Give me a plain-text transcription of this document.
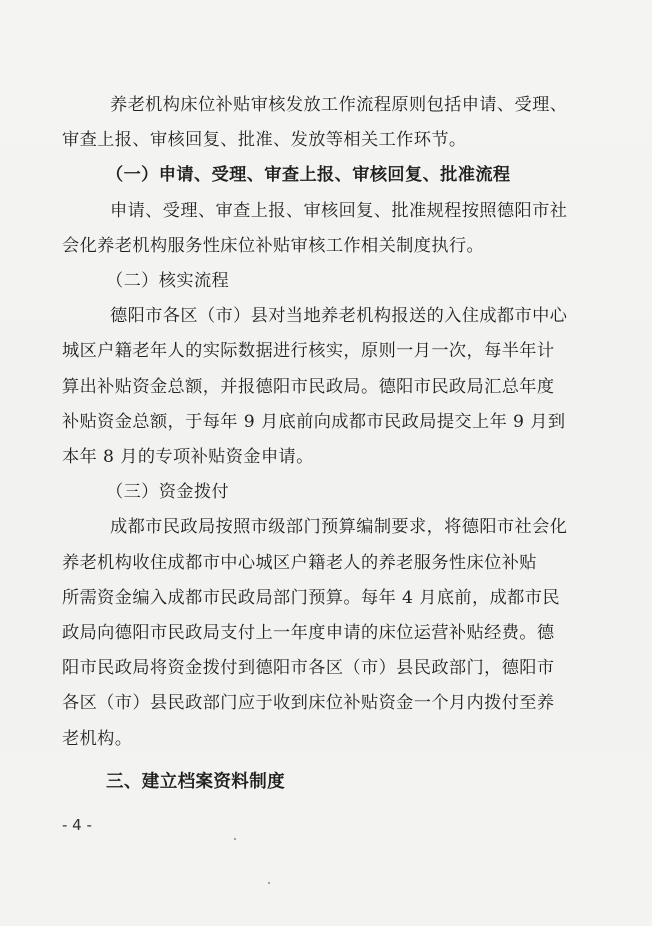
养老机构床位补贴审核发放工作流程原则包括申请、受理、
审查上报、审核回复、批准、发放等相关工作环节。
（一）申请、受理、审查上报、审核回复、批准流程
申请、受理、审查上报、审核回复、批准规程按照德阳市社
会化养老机构服务性床位补贴审核工作相关制度执行。
（二）核实流程
德阳市各区（市）县对当地养老机构报送的入住成都市中心
城区户籍老年人的实际数据进行核实，原则一月一次，每半年计
算出补贴资金总额，并报德阳市民政局。德阳市民政局汇总年度
补贴资金总额，于每年 9 月底前向成都市民政局提交上年 9 月到
本年 8 月的专项补贴资金申请。
（三）资金拨付
成都市民政局按照市级部门预算编制要求，将德阳市社会化
养老机构收住成都市中心城区户籍老人的养老服务性床位补贴
所需资金编入成都市民政局部门预算。每年 4 月底前，成都市民
政局向德阳市民政局支付上一年度申请的床位运营补贴经费。德
阳市民政局将资金拨付到德阳市各区（市）县民政部门，德阳市
各区（市）县民政部门应于收到床位补贴资金一个月内拨付至养
老机构。
- 4 -
三、建立档案资料制度
